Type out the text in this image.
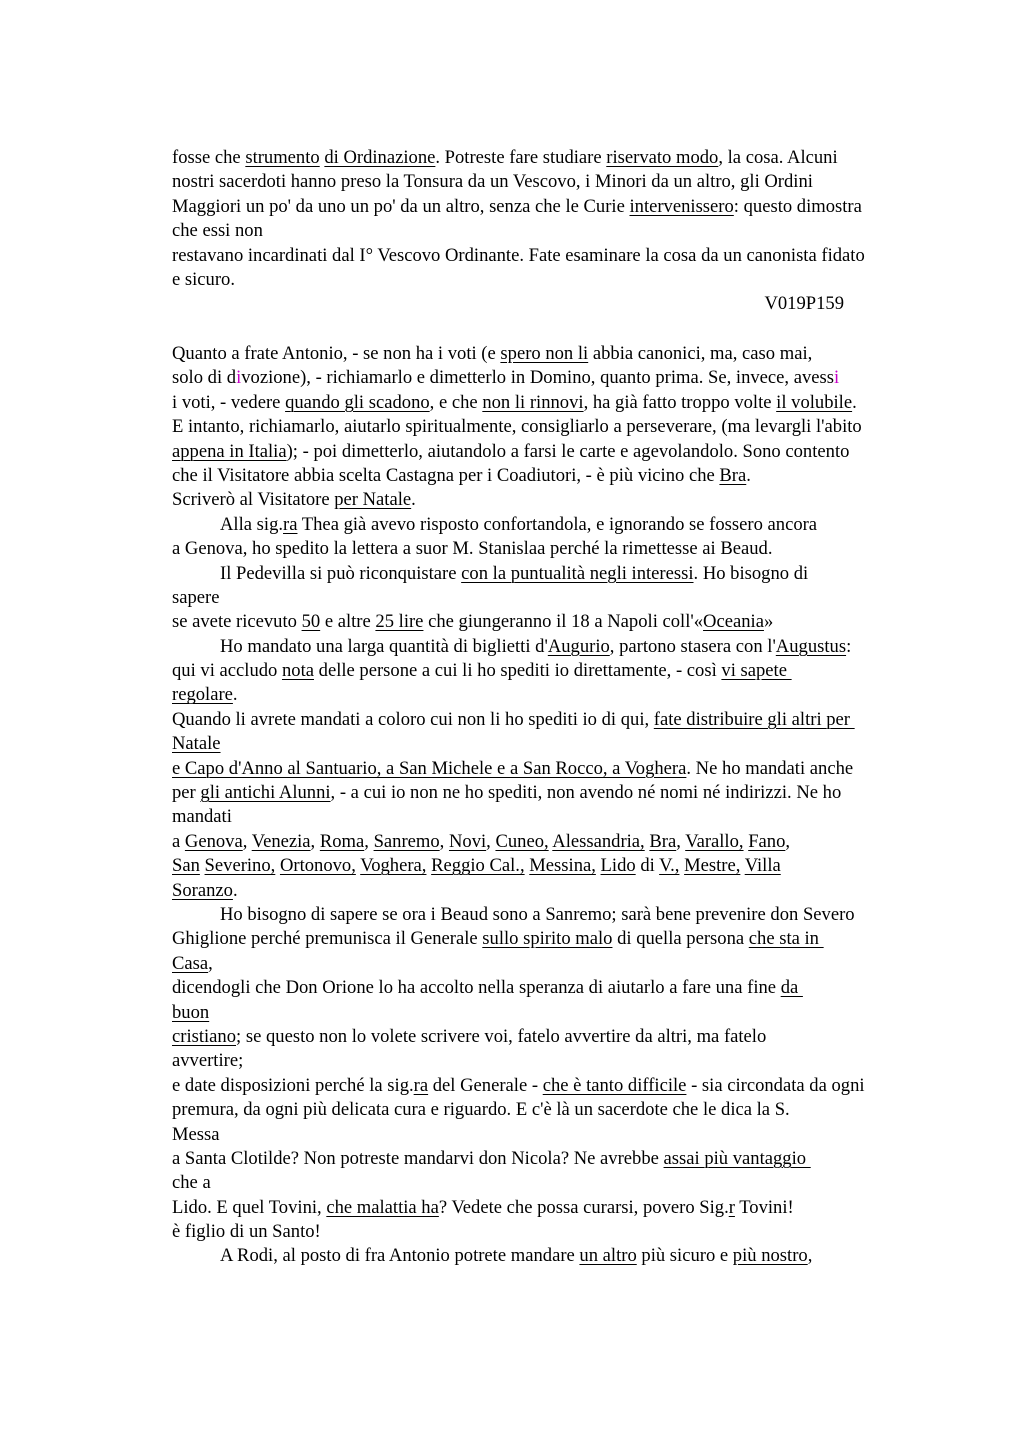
fosse che strumento di Ordinazione. Potreste fare studiare riservato modo, la cosa. Alcuni
nostri sacerdoti hanno preso la Tonsura da un Vescovo, i Minori da un altro, gli Ordini
Maggiori un po' da uno un po' da un altro, senza che le Curie intervenissero: questo dimostra
che essi non
restavano incardinati dal I° Vescovo Ordinante. Fate esaminare la cosa da un canonista fidato
e sicuro.
V019P159
Quanto a frate Antonio, - se non ha i voti (e spero non li abbia canonici, ma, caso mai,
solo di divozione), - richiamarlo e dimetterlo in Domino, quanto prima. Se, invece, avessi
i voti, - vedere quando gli scadono, e che non li rinnovi, ha già fatto troppo volte il volubile.
E intanto, richiamarlo, aiutarlo spiritualmente, consigliarlo a perseverare, (ma levargli l'abito
appena in Italia); - poi dimetterlo, aiutandolo a farsi le carte e agevolandolo. Sono contento
che il Visitatore abbia scelta Castagna per i Coadiutori, - è più vicino che Bra.
Scriverò al Visitatore per Natale.
Alla sig.ra Thea già avevo risposto confortandola, e ignorando se fossero ancora
a Genova, ho spedito la lettera a suor M. Stanislaa perché la rimettesse ai Beaud.
Il Pedevilla si può riconquistare con la puntualità negli interessi. Ho bisogno di
sapere
se avete ricevuto 50 e altre 25 lire che giungeranno il 18 a Napoli coll'«Oceania»
Ho mandato una larga quantità di biglietti d'Augurio, partono stasera con l'Augustus:
qui vi accludo nota delle persone a cui li ho spediti io direttamente, - così vi sapete
regolare.
Quando li avrete mandati a coloro cui non li ho spediti io di qui, fate distribuire gli altri per
Natale
e Capo d'Anno al Santuario, a San Michele e a San Rocco, a Voghera. Ne ho mandati anche
per gli antichi Alunni, - a cui io non ne ho spediti, non avendo né nomi né indirizzi. Ne ho
mandati
a Genova, Venezia, Roma, Sanremo, Novi, Cuneo, Alessandria, Bra, Varallo, Fano,
San Severino, Ortonovo, Voghera, Reggio Cal., Messina, Lido di V., Mestre, Villa
Soranzo.
Ho bisogno di sapere se ora i Beaud sono a Sanremo; sarà bene prevenire don Severo
Ghiglione perché premunisca il Generale sullo spirito malo di quella persona che sta in
Casa,
dicendogli che Don Orione lo ha accolto nella speranza di aiutarlo a fare una fine da
buon
cristiano; se questo non lo volete scrivere voi, fatelo avvertire da altri, ma fatelo
avvertire;
e date disposizioni perché la sig.ra del Generale - che è tanto difficile - sia circondata da ogni
premura, da ogni più delicata cura e riguardo. E c'è là un sacerdote che le dica la S.
Messa
a Santa Clotilde? Non potreste mandarvi don Nicola? Ne avrebbe assai più vantaggio
che a
Lido. E quel Tovini, che malattia ha? Vedete che possa curarsi, povero Sig.r Tovini!
è figlio di un Santo!
A Rodi, al posto di fra Antonio potrete mandare un altro più sicuro e più nostro,
